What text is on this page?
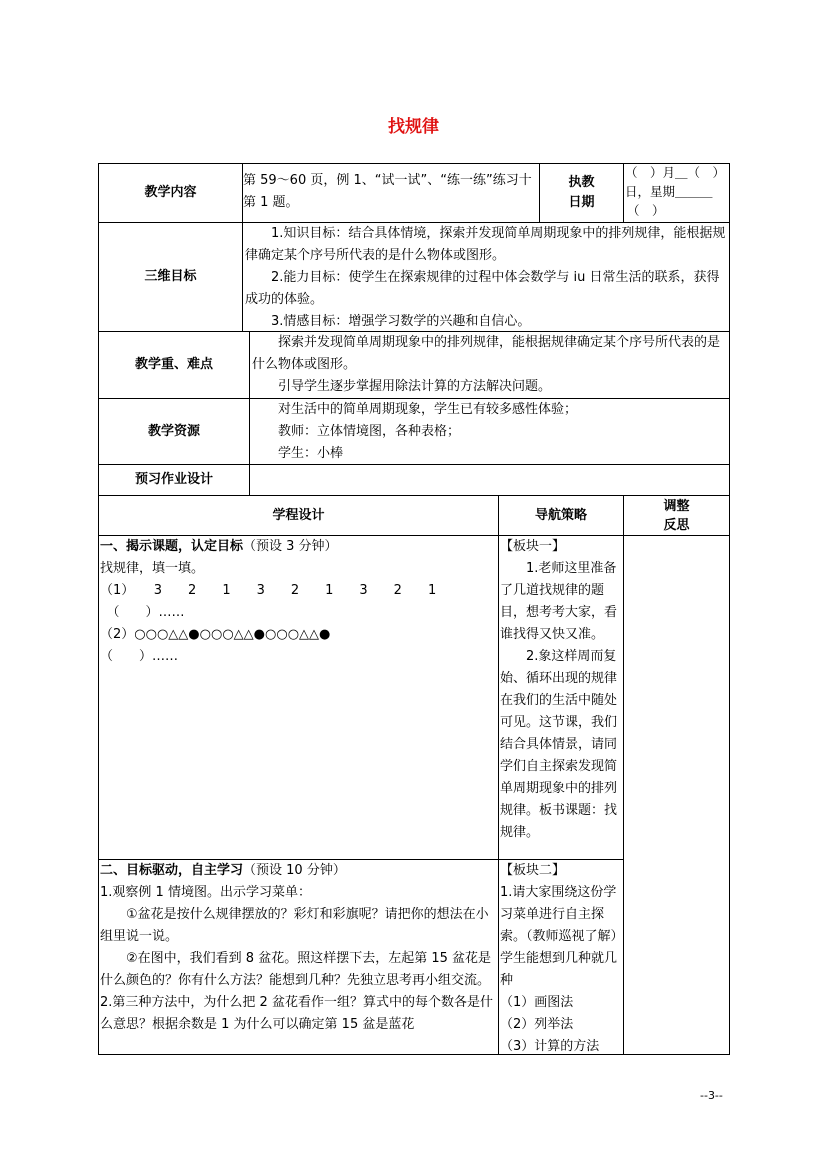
找规律
教学内容
第 59～60 页，例 1、“试一试”、“练一练”练习十第 1 题。
执教
日期
（　）月＿（　）
日，星期＿＿＿
（　）
三维目标

1.知识目标：结合具体情境，探索并发现简单周期现象中的排列规律，能根据规律确定某个序号所代表的是什么物体或图形。

2.能力目标：使学生在探索规律的过程中体会数学与 iu 日常生活的联系，获得成功的体验。

3.情感目标：增强学习数学的兴趣和自信心。

教学重、难点

探索并发现简单周期现象中的排列规律，能根据规律确定某个序号所代表的是什么物体或图形。

引导学生逐步掌握用除法计算的方法解决问题。

教学资源

对生活中的简单周期现象，学生已有较多感性体验；

教师：立体情境图，各种表格；

学生：小棒

预习作业设计
学程设计	导航策略
调整
反思

一、揭示课题，认定目标（预设 3 分钟）

找规律，填一填。

（1）　　3　　2　　1　　3　　2　　1　　3　　2　　1

　（　　）……

（2）○○○△△●○○○△△●○○○△△●

（　　）……

【板块一】

1.老师这里准备了几道找规律的题目，想考考大家，看谁找得又快又准。

2.象这样周而复始、循环出现的规律在我们的生活中随处可见。这节课，我们结合具体情景，请同学们自主探索发现简单周期现象中的排列规律。板书课题：找规律。

二、目标驱动，自主学习（预设 10 分钟）

1.观察例 1 情境图。出示学习菜单：

①盆花是按什么规律摆放的？彩灯和彩旗呢？请把你的想法在小组里说一说。

②在图中，我们看到 8 盆花。照这样摆下去，左起第 15 盆花是什么颜色的？你有什么方法？能想到几种？先独立思考再小组交流。

2.第三种方法中，为什么把 2 盆花看作一组？算式中的每个数各是什么意思？根据余数是 1 为什么可以确定第 15 盆是蓝花

【板块二】

1.请大家围绕这份学习菜单进行自主探索。（教师巡视了解）学生能想到几种就几种

（1）画图法

（2）列举法

（3）计算的方法

--3--
